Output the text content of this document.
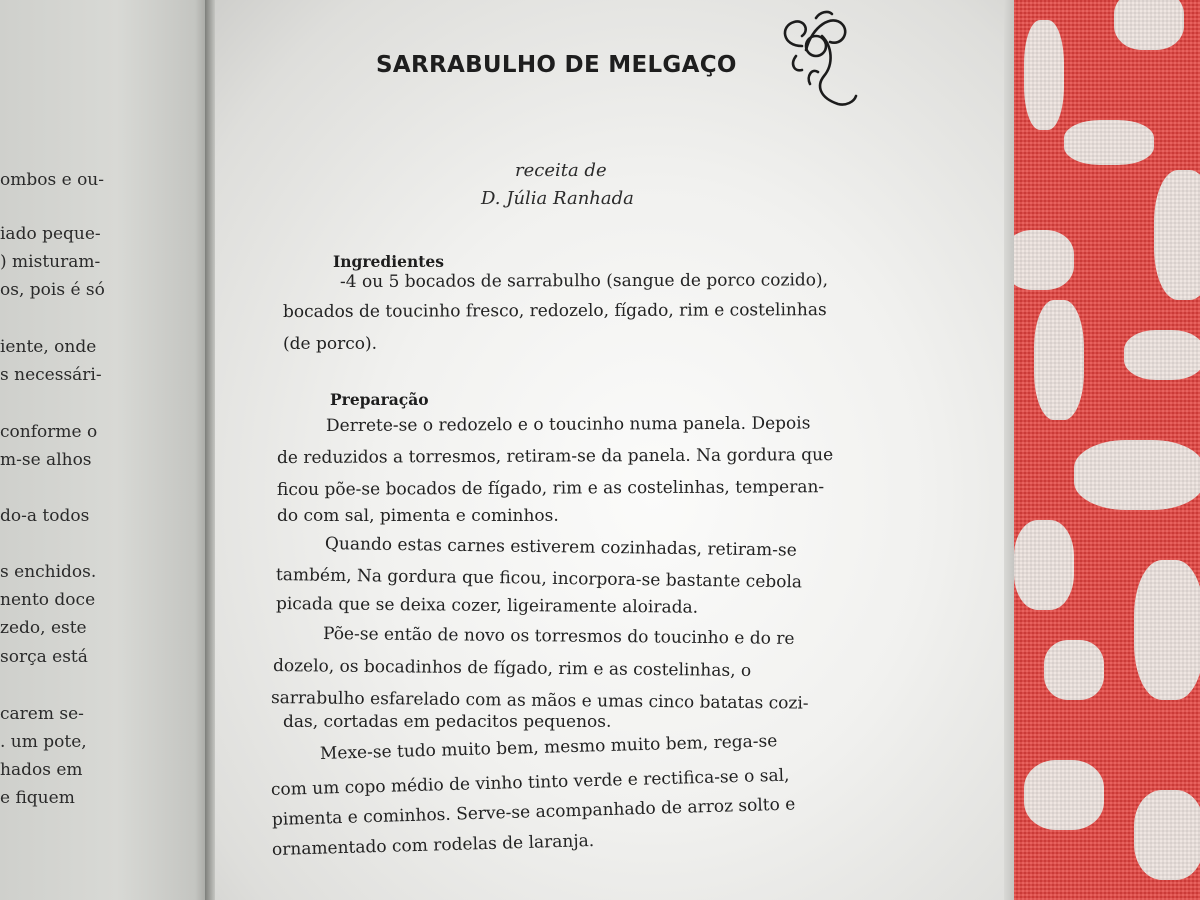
ombos e ou-
iado peque-
) misturam-
os, pois é só
iente, onde
s necessári-
conforme o
m-se alhos
do-a todos
s enchidos.
nento doce
zedo, este
sorça está
carem se-
. um pote,
hados em
e fiquem
SARRABULHO DE MELGAÇO
receita de
D. Júlia Ranhada
Ingredientes
-4 ou 5 bocados de sarrabulho (sangue de porco cozido),
bocados de toucinho fresco, redozelo, fígado, rim e costelinhas
(de porco).
Preparação
Derrete-se o redozelo e o toucinho numa panela. Depois
de reduzidos a torresmos, retiram-se da panela. Na gordura que
ficou põe-se bocados de fígado, rim e as costelinhas, temperan-
do com sal, pimenta e cominhos.
Quando estas carnes estiverem cozinhadas, retiram-se
também, Na gordura que ficou, incorpora-se bastante cebola
picada que se deixa cozer, ligeiramente aloirada.
Põe-se então de novo os torresmos do toucinho e do re
dozelo, os bocadinhos de fígado, rim e as costelinhas, o
sarrabulho esfarelado com as mãos e umas cinco batatas cozi-
das, cortadas em pedacitos pequenos.
Mexe-se tudo muito bem, mesmo muito bem, rega-se
com um copo médio de vinho tinto verde e rectifica-se o sal,
pimenta e cominhos. Serve-se acompanhado de arroz solto e
ornamentado com rodelas de laranja.
